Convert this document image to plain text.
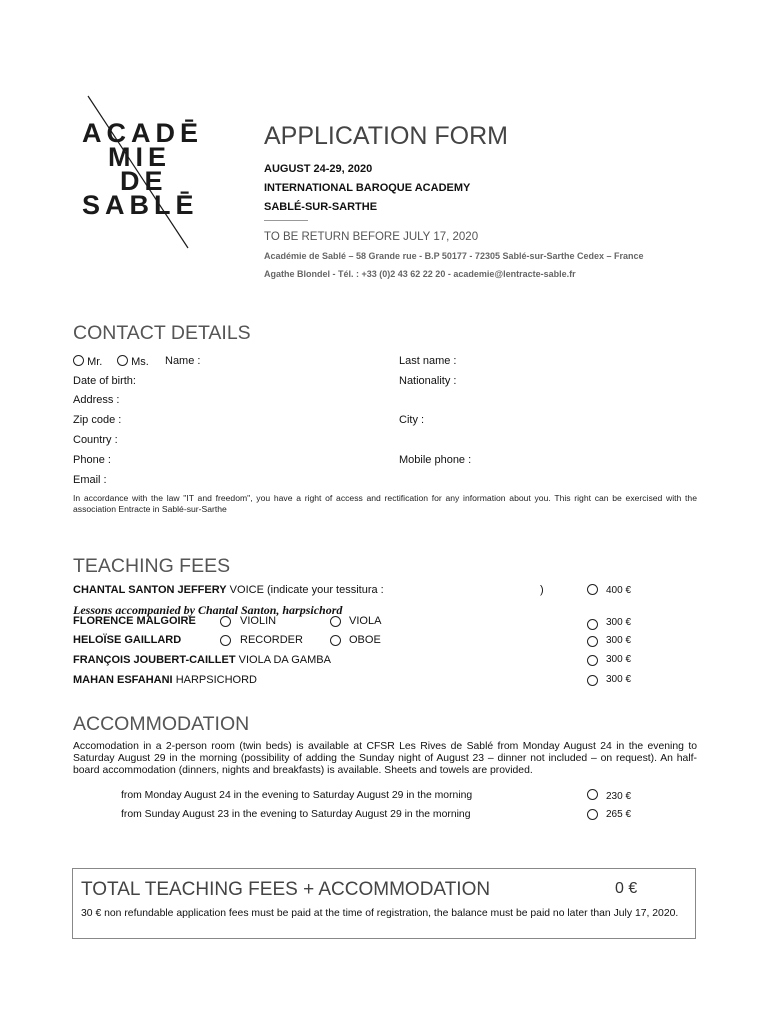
ACADĒ
MIE
DE
SABLĒ
APPLICATION FORM
AUGUST 24-29, 2020
INTERNATIONAL BAROQUE ACADEMY
SABLÉ-SUR-SARTHE
TO BE RETURN BEFORE JULY 17, 2020
Académie de Sablé – 58 Grande rue - B.P 50177 - 72305 Sablé-sur-Sarthe Cedex – France
Agathe Blondel - Tél. : +33 (0)2 43 62 22 20 - academie@lentracte-sable.fr
CONTACT DETAILS
Mr.	Ms. Name :	Last name :
Date of birth:	Nationality :
Address :
Zip code :	City :
Country :
Phone :	Mobile phone :
Email :
In accordance with the law "IT and freedom", you have a right of access and rectification for any information about you. This right can be exercised with the association Entracte in Sablé-sur-Sarthe
TEACHING FEES
CHANTAL SANTON JEFFERY VOICE (indicate your tessitura :	)	400 €
Lessons accompanied by Chantal Santon, harpsichord
FLORENCE MALGOIRE	VIOLIN	VIOLA	300 €
HELOÏSE GAILLARD	RECORDER	OBOE	300 €
FRANÇOIS JOUBERT-CAILLET VIOLA DA GAMBA	300 €
MAHAN ESFAHANI HARPSICHORD	300 €
ACCOMMODATION
Accomodation in a 2-person room (twin beds) is available at CFSR Les Rives de Sablé from Monday August 24 in the evening to Saturday August 29 in the morning (possibility of adding the Sunday night of August 23 – dinner not included – on request). An half-board accommodation (dinners, nights and breakfasts) is available. Sheets and towels are provided.
from Monday August 24 in the evening to Saturday August 29 in the morning	230 €
from Sunday August 23 in the evening to Saturday August 29 in the morning	265 €
TOTAL TEACHING FEES + ACCOMMODATION	0 €
30 € non refundable application fees must be paid at the time of registration, the balance must be paid no later than July 17, 2020.
